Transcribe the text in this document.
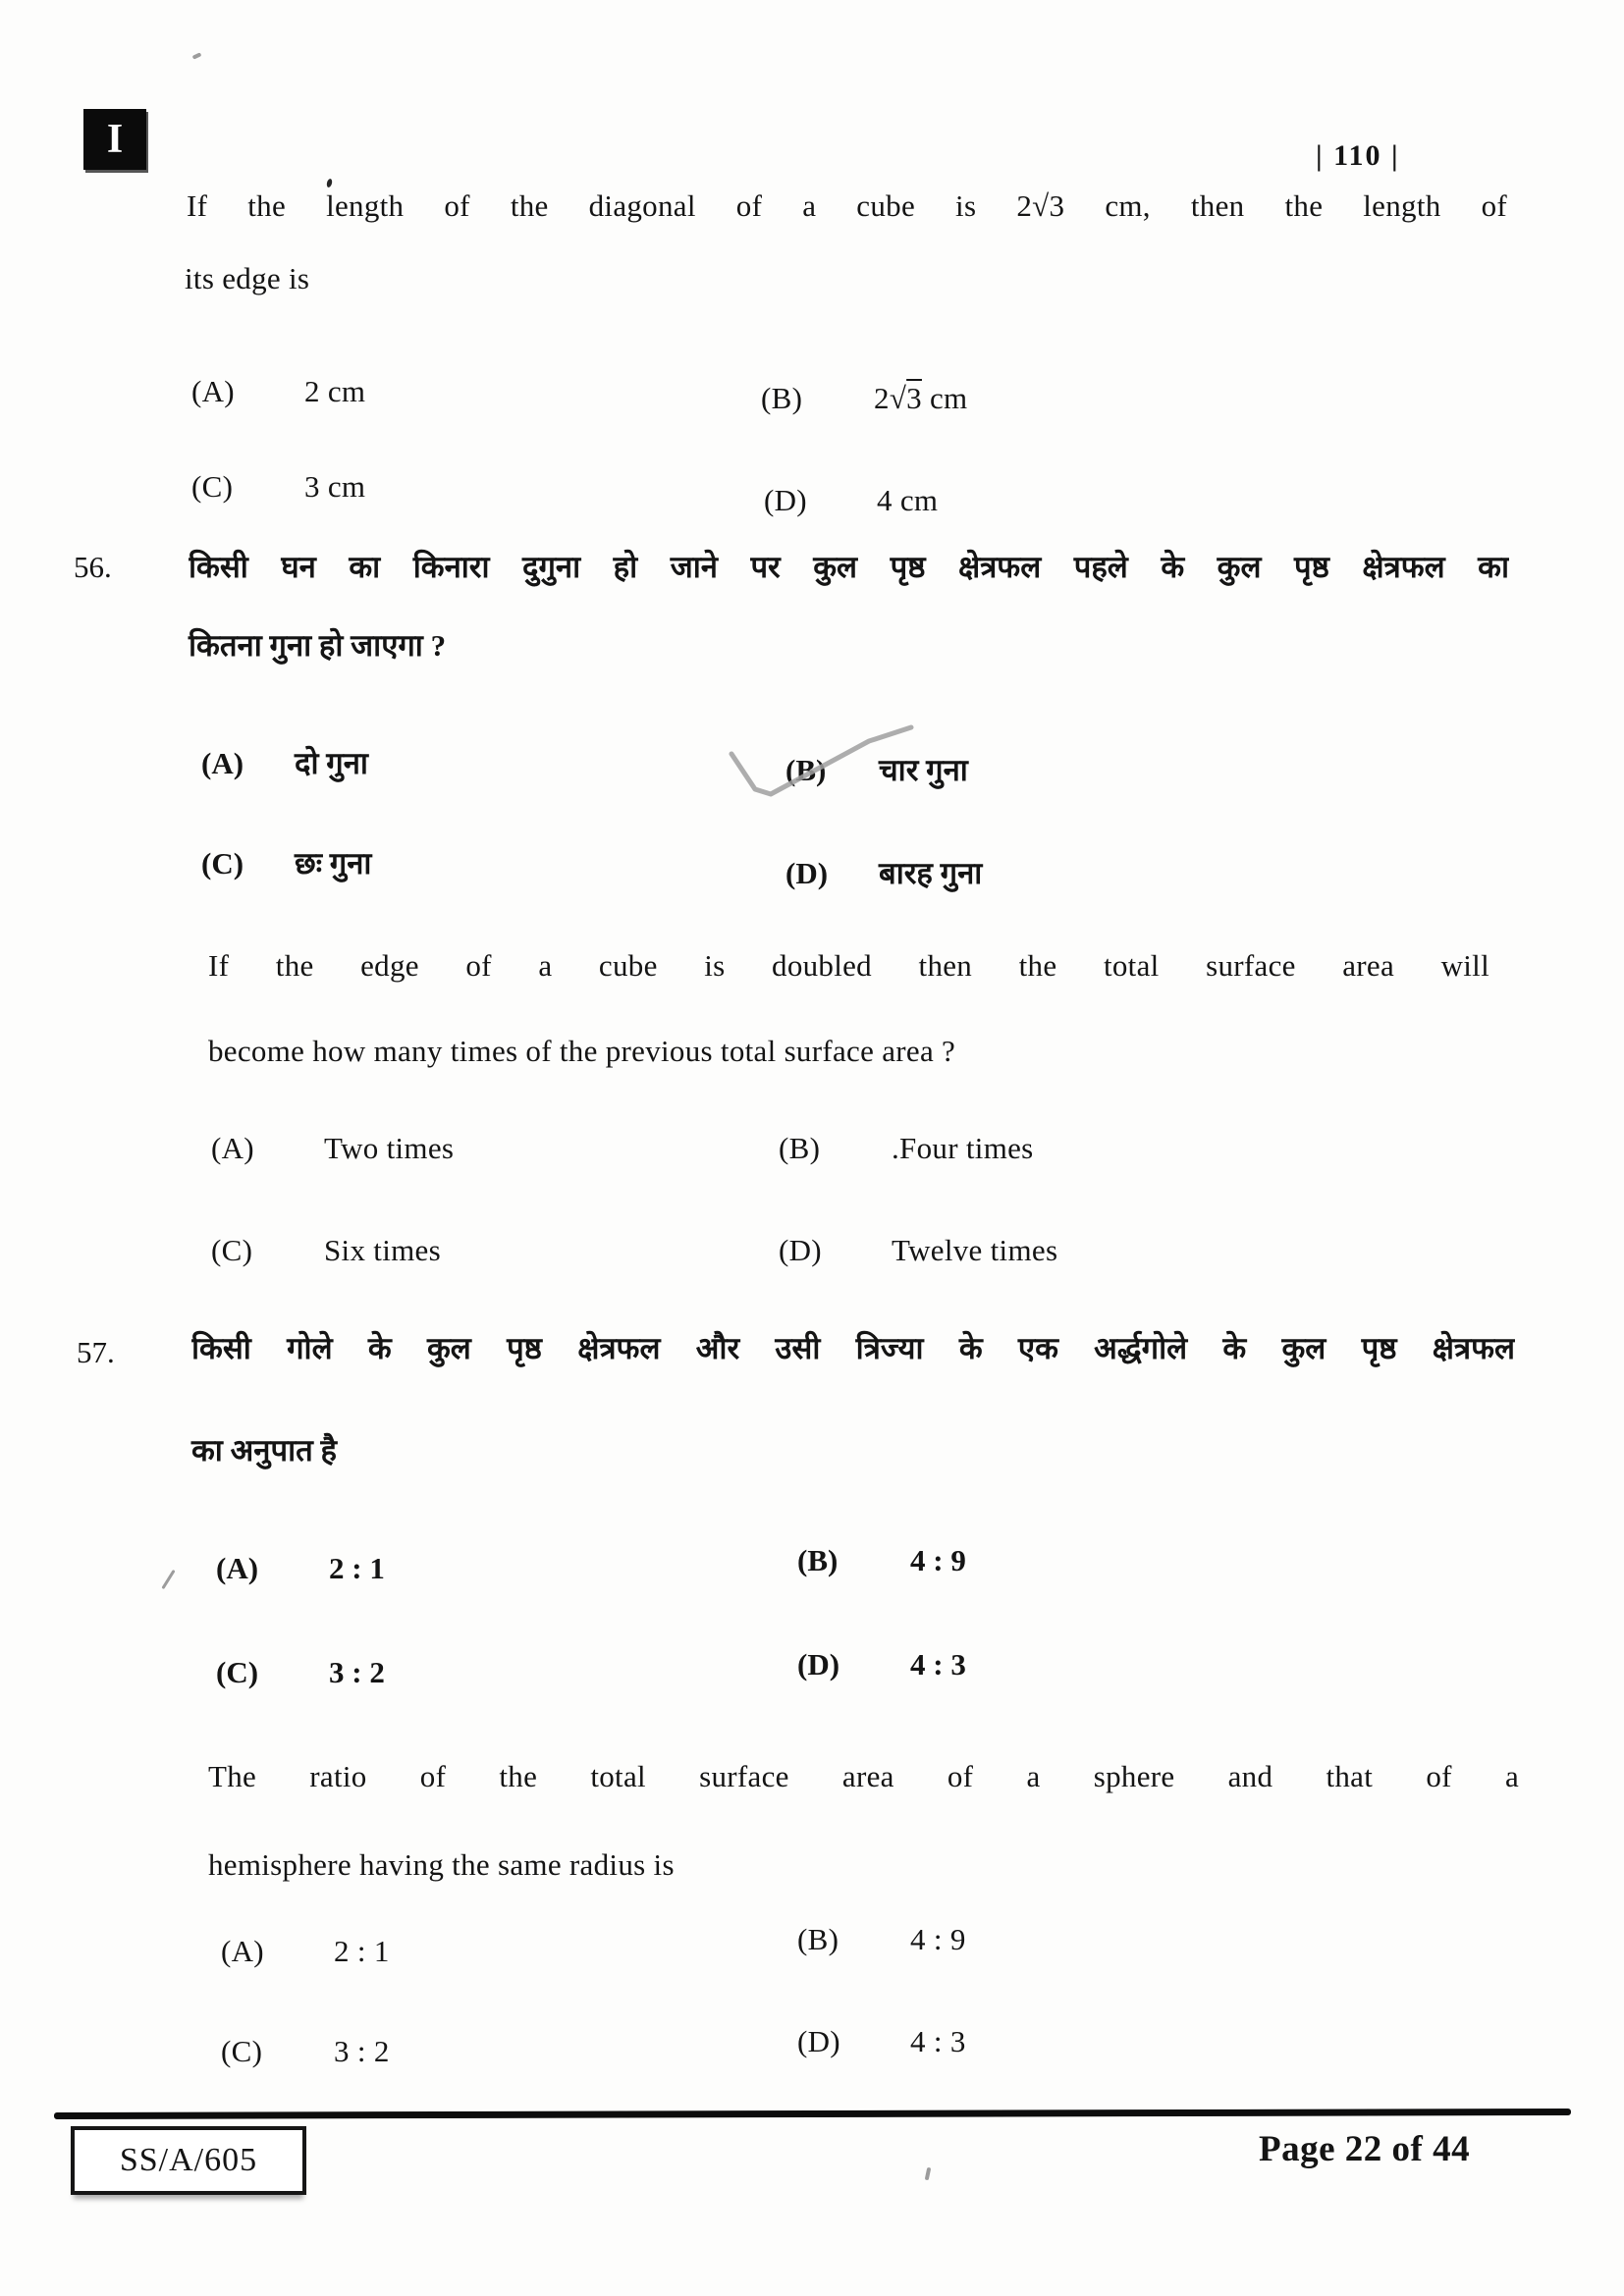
I	| 110 |
If the length of the diagonal of a cube is 2√3 cm, then the length of
its edge is
(A)	2 cm	(B)	2√3 cm
(C)	3 cm	(D)	4 cm
56.	किसी घन का किनारा दुगुना हो जाने पर कुल पृष्ठ क्षेत्रफल पहले के कुल पृष्ठ क्षेत्रफल का
कितना गुना हो जाएगा ?
(A)	दो गुना	(B)	चार गुना
(C)	छः गुना	(D)	बारह गुना
If the edge of a cube is doubled then the total surface area will
become how many times of the previous total surface area ?
(A)	Two times	(B)	.Four times
(C)	Six times	(D)	Twelve times
57.	किसी गोले के कुल पृष्ठ क्षेत्रफल और उसी त्रिज्या के एक अर्द्धगोले के कुल पृष्ठ क्षेत्रफल
का अनुपात है
(A)	2 : 1	(B)	4 : 9
(C)	3 : 2	(D)	4 : 3
The ratio of the total surface area of a sphere and that of a
hemisphere having the same radius is
(A)	2 : 1	(B)	4 : 9
(C)	3 : 2	(D)	4 : 3
SS/A/605	Page 22 of 44
